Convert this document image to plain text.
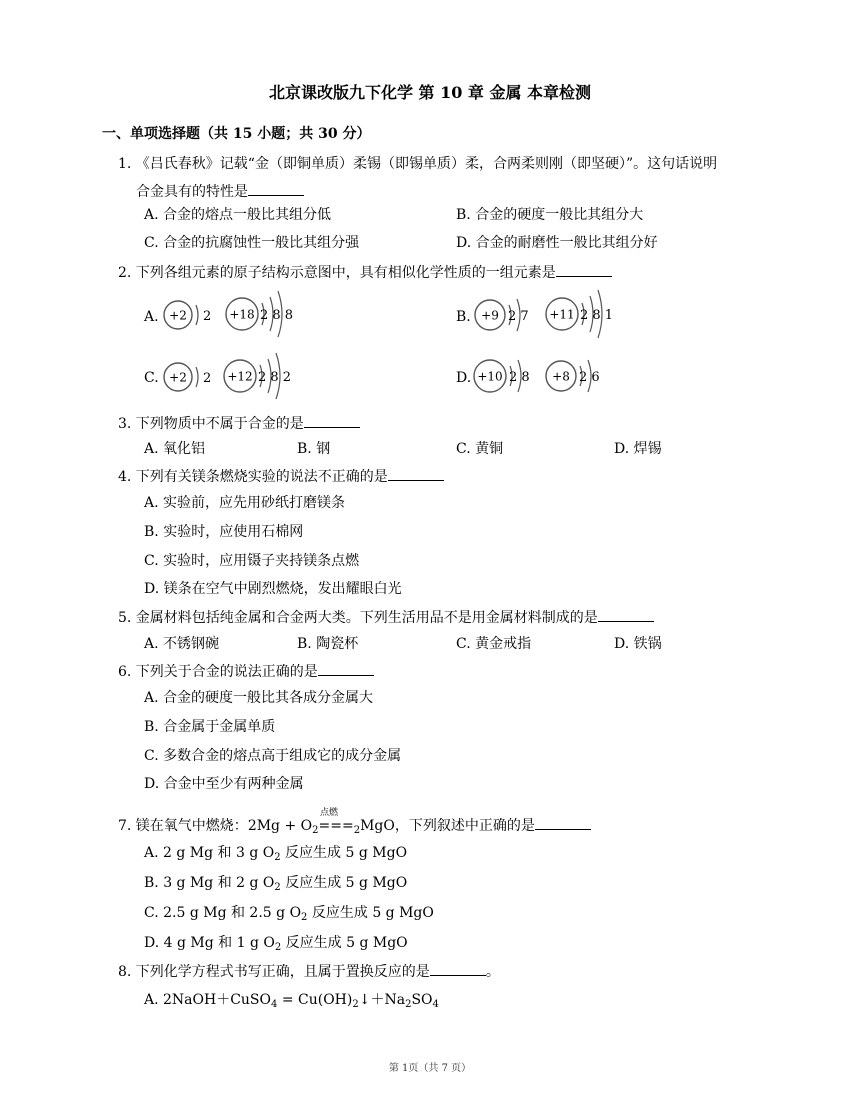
北京课改版九下化学 第 10 章 金属 本章检测
一、单项选择题（共 15 小题；共 30 分）
1. 《吕氏春秋》记载“金（即铜单质）柔锡（即锡单质）柔，合两柔则刚（即坚硬）”。这句话说明
合金具有的特性是
A. 合金的熔点一般比其组分低	B. 合金的硬度一般比其组分大
C. 合金的抗腐蚀性一般比其组分强	D. 合金的耐磨性一般比其组分好
2. 下列各组元素的原子结构示意图中，具有相似化学性质的一组元素是
A.	B.
C.	D.
+2 2 +18 2 8 8	+9 2 7 +11 2 8 1
+2 2 +12 2 8 2	+10 2 8 +8 2 6
3. 下列物质中不属于合金的是
A. 氧化铝	B. 钢	C. 黄铜	D. 焊锡
4. 下列有关镁条燃烧实验的说法不正确的是
A. 实验前，应先用砂纸打磨镁条
B. 实验时，应使用石棉网
C. 实验时，应用镊子夹持镁条点燃
D. 镁条在空气中剧烈燃烧，发出耀眼白光
5. 金属材料包括纯金属和合金两大类。下列生活用品不是用金属材料制成的是
A. 不锈钢碗	B. 陶瓷杯	C. 黄金戒指	D. 铁锅
6. 下列关于合金的说法正确的是
A. 合金的硬度一般比其各成分金属大
B. 合金属于金属单质
C. 多数合金的熔点高于组成它的成分金属
D. 合金中至少有两种金属
点燃
7. 镁在氧气中燃烧：$2Mg + O_2===_2MgO$，下列叙述中正确的是
A. 2 g Mg 和 3 g $O_2$ 反应生成 5 g MgO
B. 3 g Mg 和 2 g $O_2$ 反应生成 5 g MgO
C. 2.5 g Mg 和 2.5 g $O_2$ 反应生成 5 g MgO
D. 4 g Mg 和 1 g $O_2$ 反应生成 5 g MgO
8. 下列化学方程式书写正确，且属于置换反应的是	。
A. 2NaOH＋CuSO$_4$ = $Cu(OH)_2↓+Na_2SO_4$
第 1页（共 7 页）
